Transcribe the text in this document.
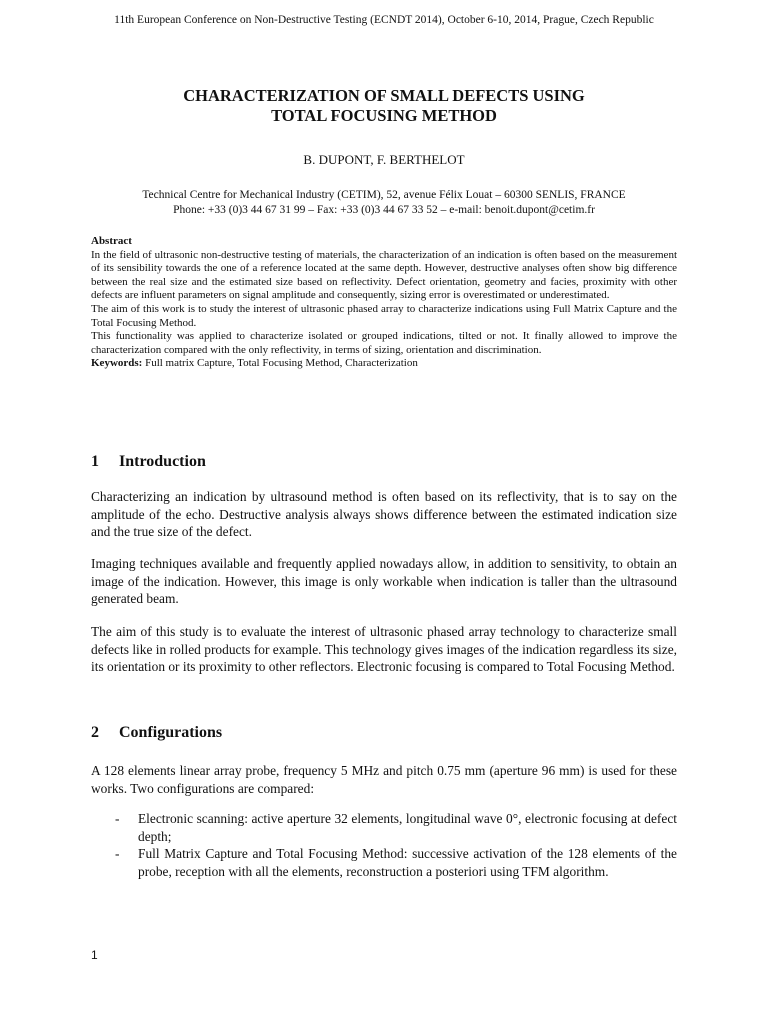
11th European Conference on Non-Destructive Testing (ECNDT 2014), October 6-10, 2014, Prague, Czech Republic
CHARACTERIZATION OF SMALL DEFECTS USING
TOTAL FOCUSING METHOD
B. DUPONT, F. BERTHELOT
Technical Centre for Mechanical Industry (CETIM), 52, avenue Félix Louat – 60300 SENLIS, FRANCE
Phone: +33 (0)3 44 67 31 99 – Fax: +33 (0)3 44 67 33 52 – e-mail: benoit.dupont@cetim.fr
Abstract

In the field of ultrasonic non-destructive testing of materials, the characterization of an indication is often based on the measurement of its sensibility towards the one of a reference located at the same depth. However, destructive analyses often show big difference between the real size and the estimated size based on reflectivity. Defect orientation, geometry and facies, proximity with other defects are influent parameters on signal amplitude and consequently, sizing error is overestimated or underestimated.

The aim of this work is to study the interest of ultrasonic phased array to characterize indications using Full Matrix Capture and the Total Focusing Method.

This functionality was applied to characterize isolated or grouped indications, tilted or not. It finally allowed to improve the characterization compared with the only reflectivity, in terms of sizing, orientation and discrimination.

Keywords: Full matrix Capture, Total Focusing Method, Characterization

1 Introduction

Characterizing an indication by ultrasound method is often based on its reflectivity, that is to say on the amplitude of the echo. Destructive analysis always shows difference between the estimated indication size and the true size of the defect.

Imaging techniques available and frequently applied nowadays allow, in addition to sensitivity, to obtain an image of the indication. However, this image is only workable when indication is taller than the ultrasound generated beam.

The aim of this study is to evaluate the interest of ultrasonic phased array technology to characterize small defects like in rolled products for example. This technology gives images of the indication regardless its size, its orientation or its proximity to other reflectors. Electronic focusing is compared to Total Focusing Method.

2 Configurations

A 128 elements linear array probe, frequency 5 MHz and pitch 0.75 mm (aperture 96 mm) is used for these works. Two configurations are compared:

- Electronic scanning: active aperture 32 elements, longitudinal wave 0°, electronic focusing at defect depth;
- Full Matrix Capture and Total Focusing Method: successive activation of the 128 elements of the probe, reception with all the elements, reconstruction a posteriori using TFM algorithm.
1
